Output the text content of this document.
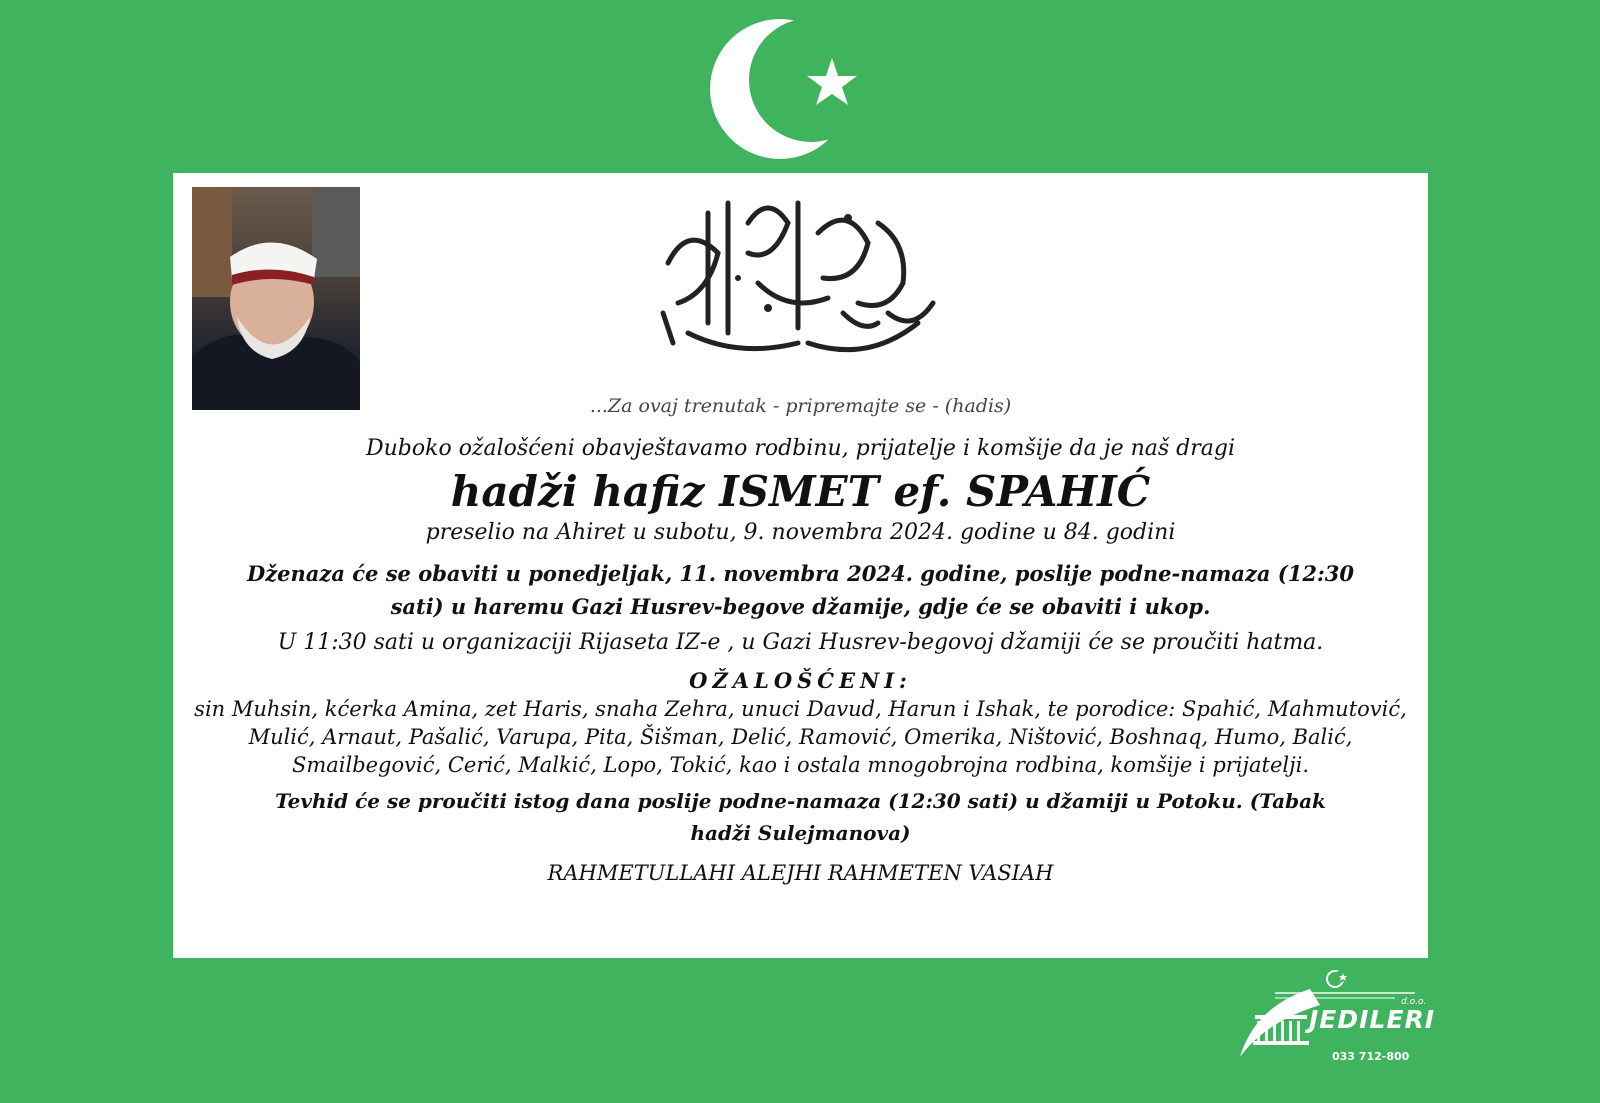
...Za ovaj trenutak - pripremajte se - (hadis)

Duboko ožalošćeni obavještavamo rodbinu, prijatelje i komšije da je naš dragi

hadži hafiz ISMET ef. SPAHIĆ

preselio na Ahiret u subotu, 9. novembra 2024. godine u 84. godini

Dženaza će se obaviti u ponedjeljak, 11. novembra 2024. godine, poslije podne-namaza (12:30 sati) u haremu Gazi Husrev-begove džamije, gdje će se obaviti i ukop.

U 11:30 sati u organizaciji Rijaseta IZ-e , u Gazi Husrev-begovoj džamiji će se proučiti hatma.

OŽALOŠĆENI:

sin Muhsin, kćerka Amina, zet Haris, snaha Zehra, unuci Davud, Harun i Ishak, te porodice: Spahić, Mahmutović, Mulić, Arnaut, Pašalić, Varupa, Pita, Šišman, Delić, Ramović, Omerika, Ništović, Boshnaq, Humo, Balić, Smailbegović, Cerić, Malkić, Lopo, Tokić, kao i ostala mnogobrojna rodbina, komšije i prijatelji.

Tevhid će se proučiti istog dana poslije podne-namaza (12:30 sati) u džamiji u Potoku. (Tabak hadži Sulejmanova)

RAHMETULLAHI ALEJHI RAHMETEN VASIAH

d.o.o.
JEDILERI
033 712-800
